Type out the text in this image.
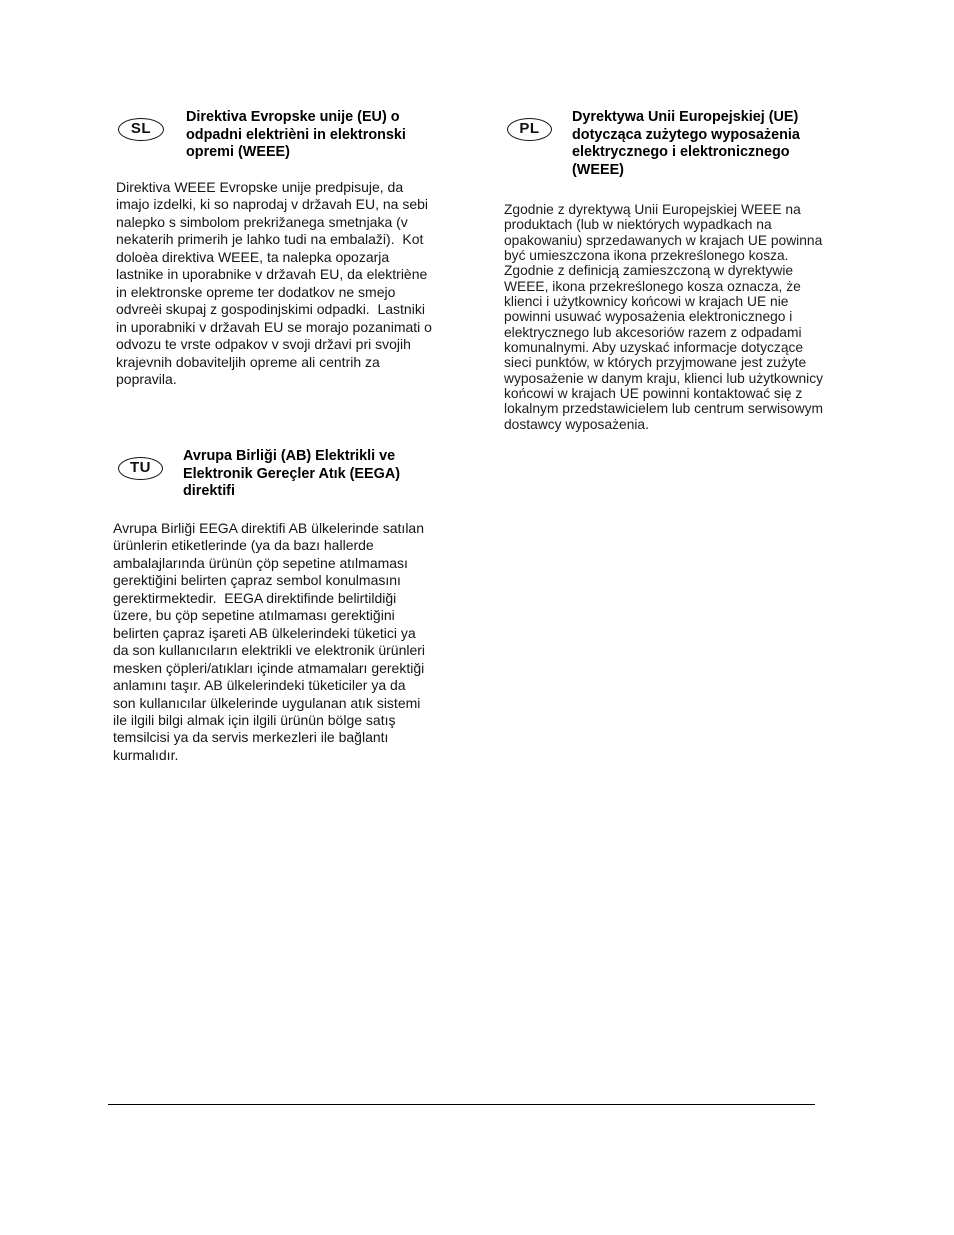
SL
Direktiva Evropske unije (EU) o
odpadni elektrièni in elektronski
opremi (WEEE)
Direktiva WEEE Evropske unije predpisuje, da
imajo izdelki, ki so naprodaj v državah EU, na sebi
nalepko s simbolom prekrižanega smetnjaka (v
nekaterih primerih je lahko tudi na embalaži).  Kot
doloèa direktiva WEEE, ta nalepka opozarja
lastnike in uporabnike v državah EU, da elektriène
in elektronske opreme ter dodatkov ne smejo
odvreèi skupaj z gospodinjskimi odpadki.  Lastniki
in uporabniki v državah EU se morajo pozanimati o
odvozu te vrste odpakov v svoji državi pri svojih
krajevnih dobaviteljih opreme ali centrih za
popravila.
PL
Dyrektywa Unii Europejskiej (UE)
dotycząca zużytego wyposażenia
elektrycznego i elektronicznego
(WEEE)
Zgodnie z dyrektywą Unii Europejskiej WEEE na
produktach (lub w niektórych wypadkach na
opakowaniu) sprzedawanych w krajach UE powinna
być umieszczona ikona przekreślonego kosza.
Zgodnie z definicją zamieszczoną w dyrektywie
WEEE, ikona przekreślonego kosza oznacza, że
klienci i użytkownicy końcowi w krajach UE nie
powinni usuwać wyposażenia elektronicznego i
elektrycznego lub akcesoriów razem z odpadami
komunalnymi. Aby uzyskać informacje dotyczące
sieci punktów, w których przyjmowane jest zużyte
wyposażenie w danym kraju, klienci lub użytkownicy
końcowi w krajach UE powinni kontaktować się z
lokalnym przedstawicielem lub centrum serwisowym
dostawcy wyposażenia.
TU
Avrupa Birliği (AB) Elektrikli ve
Elektronik Gereçler Atık (EEGA)
direktifi
Avrupa Birliği EEGA direktifi AB ülkelerinde satılan
ürünlerin etiketlerinde (ya da bazı hallerde
ambalajlarında ürünün çöp sepetine atılmaması
gerektiğini belirten çapraz sembol konulmasını
gerektirmektedir.  EEGA direktifinde belirtildiği
üzere, bu çöp sepetine atılmaması gerektiğini
belirten çapraz işareti AB ülkelerindeki tüketici ya
da son kullanıcıların elektrikli ve elektronik ürünleri
mesken çöpleri/atıkları içinde atmamaları gerektiği
anlamını taşır. AB ülkelerindeki tüketiciler ya da
son kullanıcılar ülkelerinde uygulanan atık sistemi
ile ilgili bilgi almak için ilgili ürünün bölge satış
temsilcisi ya da servis merkezleri ile bağlantı
kurmalıdır.
